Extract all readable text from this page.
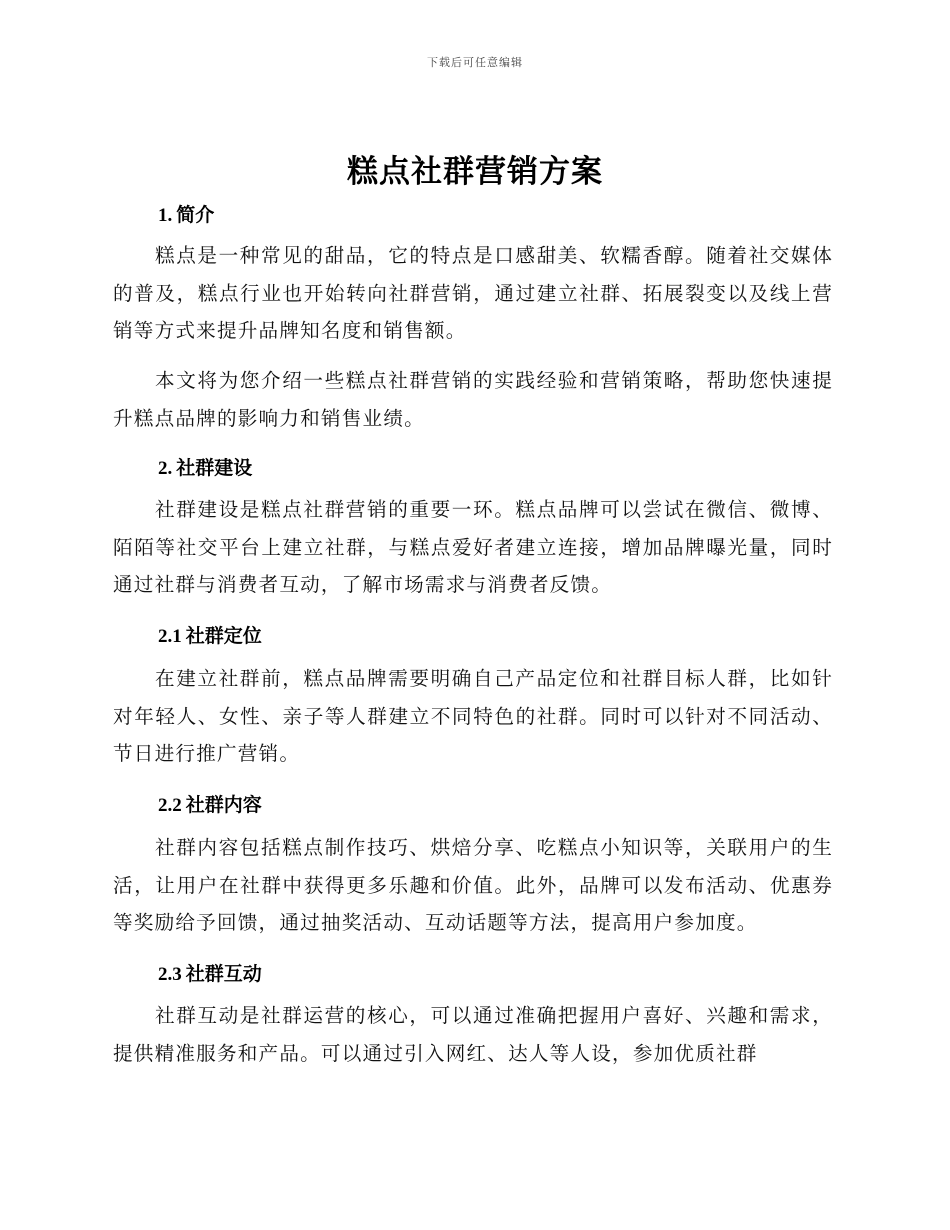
下载后可任意编辑
糕点社群营销方案
1. 简介

糕点是一种常见的甜品，它的特点是口感甜美、软糯香醇。随着社交媒体的普及，糕点行业也开始转向社群营销，通过建立社群、拓展裂变以及线上营销等方式来提升品牌知名度和销售额。

本文将为您介绍一些糕点社群营销的实践经验和营销策略，帮助您快速提升糕点品牌的影响力和销售业绩。

2. 社群建设

社群建设是糕点社群营销的重要一环。糕点品牌可以尝试在微信、微博、陌陌等社交平台上建立社群，与糕点爱好者建立连接，增加品牌曝光量，同时通过社群与消费者互动，了解市场需求与消费者反馈。

2.1 社群定位

在建立社群前，糕点品牌需要明确自己产品定位和社群目标人群，比如针对年轻人、女性、亲子等人群建立不同特色的社群。同时可以针对不同活动、节日进行推广营销。

2.2 社群内容

社群内容包括糕点制作技巧、烘焙分享、吃糕点小知识等，关联用户的生活，让用户在社群中获得更多乐趣和价值。此外，品牌可以发布活动、优惠券等奖励给予回馈，通过抽奖活动、互动话题等方法，提高用户参加度。

2.3 社群互动

社群互动是社群运营的核心，可以通过准确把握用户喜好、兴趣和需求，提供精准服务和产品。可以通过引入网红、达人等人设，参加优质社群
